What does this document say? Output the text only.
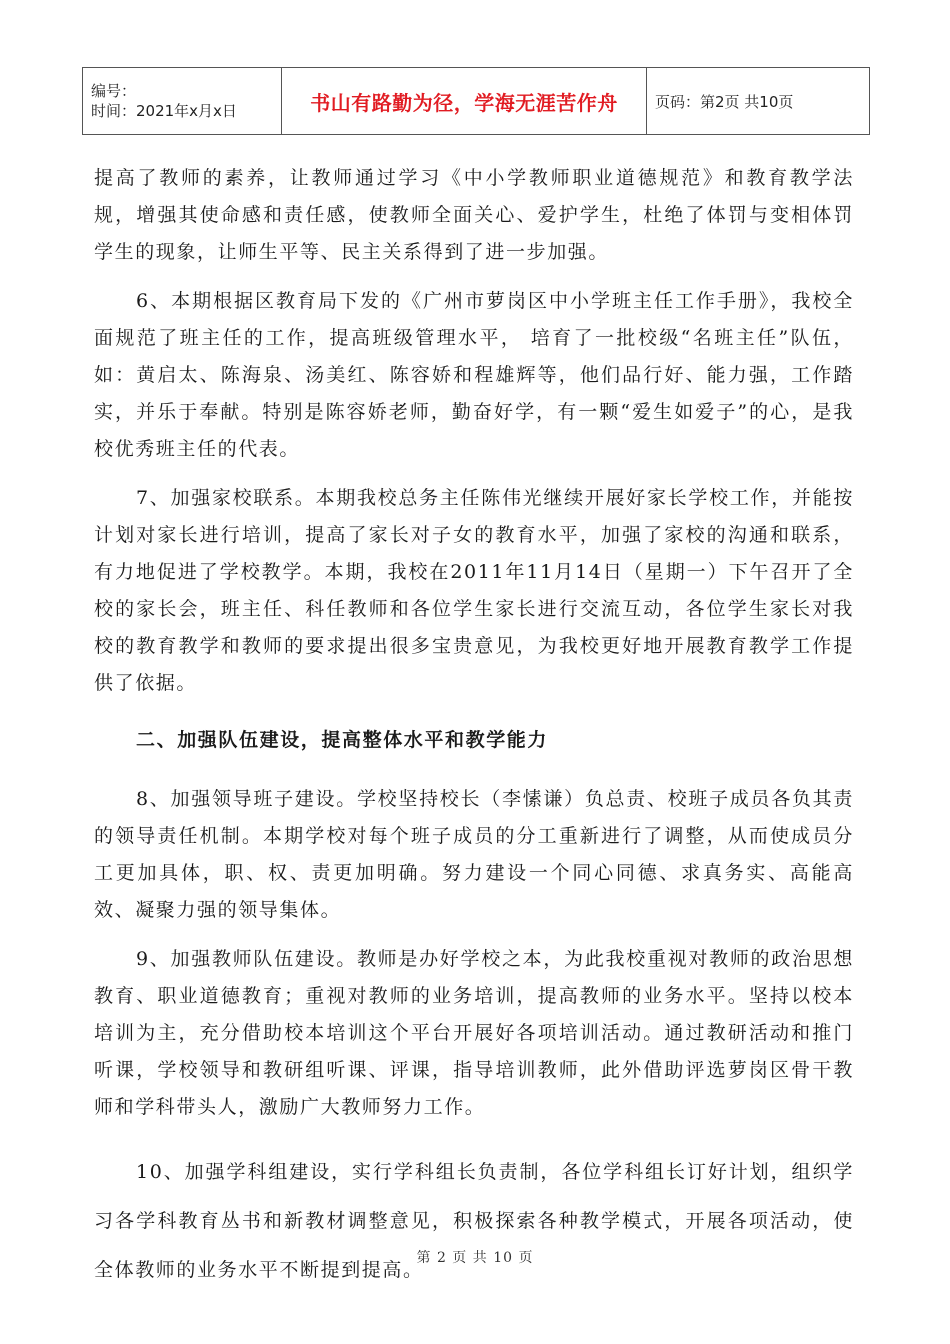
编号：
时间：2021年x月x日	书山有路勤为径，学海无涯苦作舟	页码：第2页 共10页

提高了教师的素养，让教师通过学习《中小学教师职业道德规范》和教育教学法规，增强其使命感和责任感，使教师全面关心、爱护学生，杜绝了体罚与变相体罚学生的现象，让师生平等、民主关系得到了进一步加强。

6、本期根据区教育局下发的《广州市萝岗区中小学班主任工作手册》，我校全面规范了班主任的工作，提高班级管理水平， 培育了一批校级“名班主任”队伍，如：黄启太、陈海泉、汤美红、陈容娇和程雄辉等，他们品行好、能力强，工作踏实，并乐于奉献。特别是陈容娇老师，勤奋好学，有一颗“爱生如爱子”的心，是我校优秀班主任的代表。

7、加强家校联系。本期我校总务主任陈伟光继续开展好家长学校工作，并能按计划对家长进行培训，提高了家长对子女的教育水平，加强了家校的沟通和联系，有力地促进了学校教学。本期，我校在2011年11月14日（星期一）下午召开了全校的家长会，班主任、科任教师和各位学生家长进行交流互动，各位学生家长对我校的教育教学和教师的要求提出很多宝贵意见，为我校更好地开展教育教学工作提供了依据。

二、加强队伍建设，提高整体水平和教学能力

8、加强领导班子建设。学校坚持校长（李愫谦）负总责、校班子成员各负其责的领导责任机制。本期学校对每个班子成员的分工重新进行了调整，从而使成员分工更加具体，职、权、责更加明确。努力建设一个同心同德、求真务实、高能高效、凝聚力强的领导集体。

9、加强教师队伍建设。教师是办好学校之本，为此我校重视对教师的政治思想教育、职业道德教育；重视对教师的业务培训，提高教师的业务水平。坚持以校本培训为主，充分借助校本培训这个平台开展好各项培训活动。通过教研活动和推门听课，学校领导和教研组听课、评课，指导培训教师，此外借助评选萝岗区骨干教师和学科带头人，激励广大教师努力工作。

10、加强学科组建设，实行学科组长负责制，各位学科组长订好计划，组织学习各学科教育丛书和新教材调整意见，积极探索各种教学模式，开展各项活动，使全体教师的业务水平不断提到提高。

第 2 页 共 10 页
